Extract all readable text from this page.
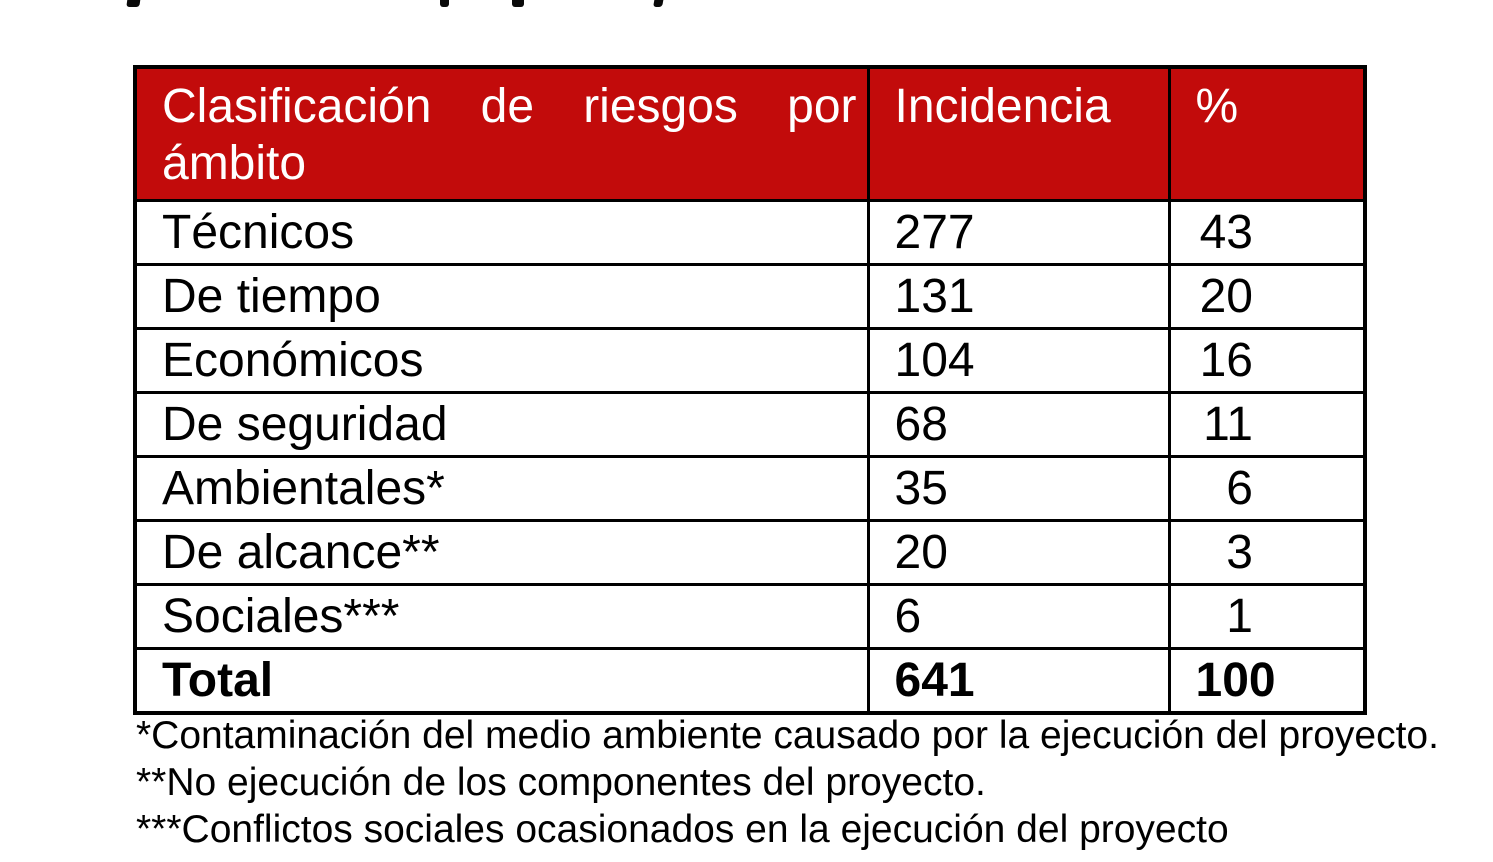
Clasificación de riesgos por
ámbito	Incidencia	%
Técnicos	277	43
De tiempo	131	20
Económicos	104	16
De seguridad	68	11
Ambientales*	35	6
De alcance**	20	3
Sociales***	6	1
Total	641	100
*Contaminación del medio ambiente causado por la ejecución del proyecto.
**No ejecución de los componentes del proyecto.
***Conflictos sociales ocasionados en la ejecución del proyecto
